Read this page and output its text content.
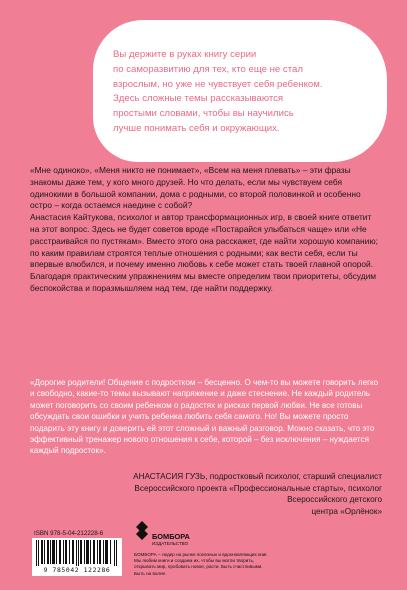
Вы держите в руках книгу серии

по саморазвитию для тех, кто еще не стал

взрослым, но уже не чувствует себя ребенком.

Здесь сложные темы рассказываются

простыми словами, чтобы вы научились

лучше понимать себя и окружающих.

«Мне одиноко», «Меня никто не понимает», «Всем на меня плевать» – эти фразы знакомы даже тем, у кого много друзей. Но что делать, если мы чувствуем себя одинокими в большой компании, дома с родными, со второй половинкой и особенно остро – когда остаемся наедине с собой?

Анастасия Кайтукова, психолог и автор трансформационных игр, в своей книге ответит на этот вопрос. Здесь не будет советов вроде «Постарайся улыбаться чаще» или «Не расстраивайся по пустякам». Вместо этого она расскажет, где найти хорошую компанию; по каким правилам строятся теплые отношения с родными; как вести себя, если ты впервые влюбился, и почему именно любовь к себе может стать твоей главной опорой. Благодаря практическим упражнениям мы вместе определим твои приоритеты, обсудим беспокойства и поразмышляем над тем, где найти поддержку.

«Дорогие родители! Общение с подростком – бесценно. О чем-то вы можете говорить легко и свободно, какие-то темы вызывают напряжение и даже стеснение. Не каждый родитель может поговорить со своим ребенком о радостях и рисках первой любви. Не все готовы обсуждать свои ошибки и учить ребенка любить себя самого. Но! Вы можете просто подарить эту книгу и доверить ей этот сложный и важный разговор. Можно сказать, что это эффективный тренажер нового отношения к себе, которой – без исключения – нуждается каждый подросток».

АНАСТАСИЯ ГУЗЬ, подростковый психолог, старший специалист
Всероссийского проекта «Профессиональные старты», психолог
Всероссийского детского
центра «Орлёнок»
ISBN 978-5-04-212228-6
9 785042 122286
БОМБОРА
ИЗДАТЕЛЬСТВО
БОМБОРА – лидер на рынке полезных и вдохновляющих книг. Мы любим книги и создаем их, чтобы вы могли творить, открывать мир, пробовать новое, расти. Быть счастливыми. Быть на волне.
